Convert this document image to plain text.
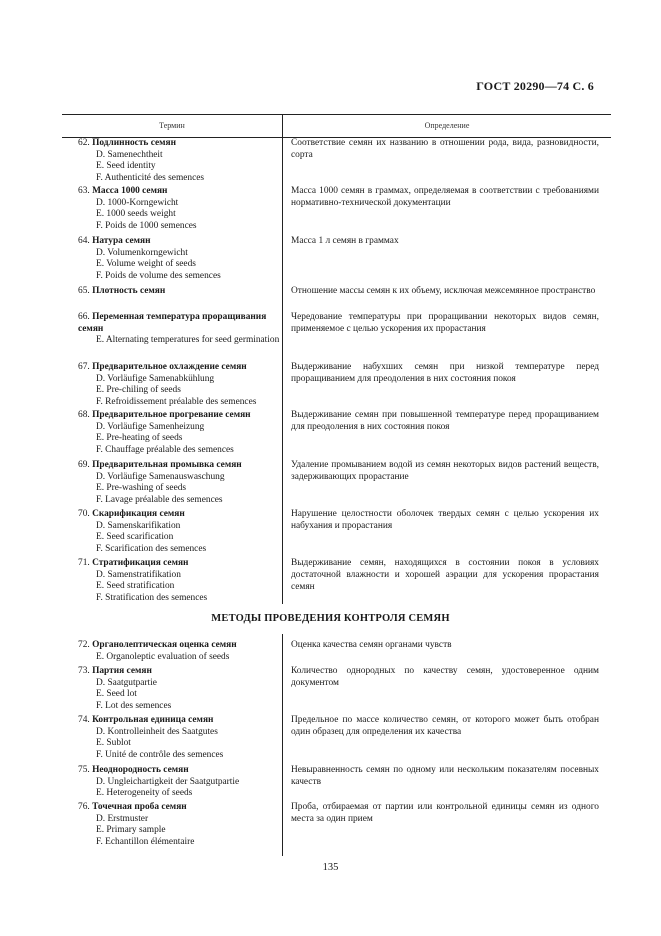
ГОСТ 20290—74 С. 6
Термин	Определение
МЕТОДЫ ПРОВЕДЕНИЯ КОНТРОЛЯ СЕМЯН
62. Подлинность семян
D. Samenechtheit
E. Seed identity
F. Authenticité des semences
Соответствие семян их названию в отношении рода, вида, разновидности, сорта
63. Масса 1000 семян
D. 1000-Korngewicht
E. 1000 seeds weight
F. Poids de 1000 semences
Масса 1000 семян в граммах, определяемая в соответствии с требованиями нормативно-технической документации
64. Натура семян
D. Volumenkorngewicht
E. Volume weight of seeds
F. Poids de volume des semences
Масса 1 л семян в граммах
65. Плотность семян	Отношение массы семян к их объему, исключая межсемянное пространство
66. Переменная температура проращивания семян
E. Alternating temperatures for seed germination
Чередование температуры при проращивании некоторых видов семян, применяемое с целью ускорения их прорастания
67. Предварительное охлаждение семян
D. Vorläufige Samenabkühlung
E. Pre-chiling of seeds
F. Refroidissement préalable des semences
Выдерживание набухших семян при низкой температуре перед проращиванием для преодоления в них состояния покоя
68. Предварительное прогревание семян
D. Vorläufige Samenheizung
E. Pre-heating of seeds
F. Chauffage préalable des semences
Выдерживание семян при повышенной температуре перед проращиванием для преодоления в них состояния покоя
69. Предварительная промывка семян
D. Vorläufige Samenauswaschung
E. Pre-washing of seeds
F. Lavage préalable des semences
Удаление промыванием водой из семян некоторых видов растений веществ, задерживающих прорастание
70. Скарификация семян
D. Samenskarifikation
E. Seed scarification
F. Scarification des semences
Нарушение целостности оболочек твердых семян с целью ускорения их набухания и прорастания
71. Стратификация семян
D. Samenstratifikation
E. Seed stratification
F. Stratification des semences
Выдерживание семян, находящихся в состоянии покоя в условиях достаточной влажности и хорошей аэрации для ускорения прорастания семян
72. Органолептическая оценка семян
E. Organoleptic evaluation of seeds
Оценка качества семян органами чувств
73. Партия семян
D. Saatgutpartie
E. Seed lot
F. Lot des semences
Количество однородных по качеству семян, удостоверенное одним документом
74. Контрольная единица семян
D. Kontrolleinheit des Saatgutes
E. Sublot
F. Unité de contrôle des semences
Предельное по массе количество семян, от которого может быть отобран один образец для определения их качества
75. Неоднородность семян
D. Ungleichartigkeit der Saatgutpartie
E. Heterogeneity of seeds
Невыравненность семян по одному или нескольким показателям посевных качеств
76. Точечная проба семян
D. Erstmuster
E. Primary sample
F. Echantillon élémentaire
Проба, отбираемая от партии или контрольной единицы семян из одного места за один прием
135
